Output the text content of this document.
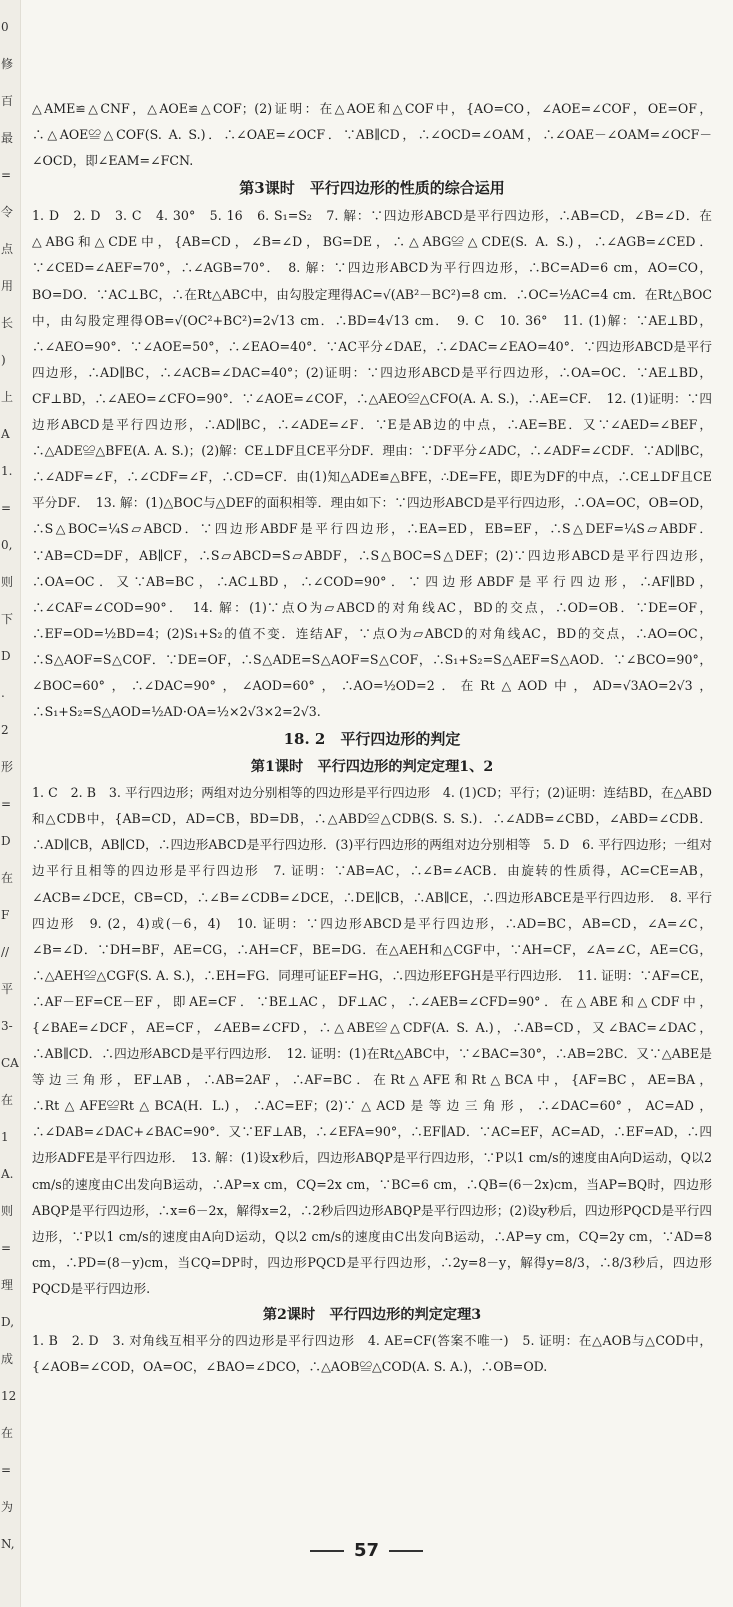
0
修
百
最
=
令
点
用
长
)
上
A
1.
=
0,
则
下
D
.
2
形
=
D
在
F
//
平
3-
CA
在
1
A.
则
=
理
D,
成
12
在
=
为
N,

△AME≌△CNF，△AOE≌△COF；(2)证明：在△AOE和△COF中，{AO=CO，∠AOE=∠COF，OE=OF，∴△AOE≌△COF(S. A. S.)．∴∠OAE=∠OCF．∵AB∥CD，∴∠OCD=∠OAM，∴∠OAE－∠OAM=∠OCF－∠OCD，即∠EAM=∠FCN.

第3课时　平行四边形的性质的综合运用

1. D　2. D　3. C　4. 30°　5. 16　6. S₁=S₂　7. 解：∵四边形ABCD是平行四边形，∴AB=CD，∠B=∠D．在△ABG和△CDE中，{AB=CD，∠B=∠D，BG=DE，∴△ABG≌△CDE(S. A. S.)，∴∠AGB=∠CED．∵∠CED=∠AEF=70°，∴∠AGB=70°．　8. 解：∵四边形ABCD为平行四边形，∴BC=AD=6 cm，AO=CO，BO=DO．∵AC⊥BC，∴在Rt△ABC中，由勾股定理得AC=√(AB²－BC²)=8 cm．∴OC=½AC=4 cm．在Rt△BOC中，由勾股定理得OB=√(OC²+BC²)=2√13 cm．∴BD=4√13 cm．　9. C　10. 36°　11. (1)解：∵AE⊥BD，∴∠AEO=90°．∵∠AOE=50°，∴∠EAO=40°．∵AC平分∠DAE，∴∠DAC=∠EAO=40°．∵四边形ABCD是平行四边形，∴AD∥BC，∴∠ACB=∠DAC=40°；(2)证明：∵四边形ABCD是平行四边形，∴OA=OC．∵AE⊥BD，CF⊥BD，∴∠AEO=∠CFO=90°．∵∠AOE=∠COF，∴△AEO≌△CFO(A. A. S.)，∴AE=CF．　12. (1)证明：∵四边形ABCD是平行四边形，∴AD∥BC，∴∠ADE=∠F．∵E是AB边的中点，∴AE=BE．又∵∠AED=∠BEF，∴△ADE≌△BFE(A. A. S.)；(2)解：CE⊥DF且CE平分DF．理由：∵DF平分∠ADC，∴∠ADF=∠CDF．∵AD∥BC，∴∠ADF=∠F，∴∠CDF=∠F，∴CD=CF．由(1)知△ADE≌△BFE，∴DE=FE，即E为DF的中点，∴CE⊥DF且CE平分DF．　13. 解：(1)△BOC与△DEF的面积相等．理由如下：∵四边形ABCD是平行四边形，∴OA=OC，OB=OD，∴S△BOC=¼S▱ABCD．∵四边形ABDF是平行四边形，∴EA=ED，EB=EF，∴S△DEF=¼S▱ABDF．∵AB=CD=DF，AB∥CF，∴S▱ABCD=S▱ABDF，∴S△BOC=S△DEF；(2)∵四边形ABCD是平行四边形，∴OA=OC．又∵AB=BC，∴AC⊥BD，∴∠COD=90°．∵四边形ABDF是平行四边形，∴AF∥BD，∴∠CAF=∠COD=90°．　14. 解：(1)∵点O为▱ABCD的对角线AC，BD的交点，∴OD=OB．∵DE=OF，∴EF=OD=½BD=4；(2)S₁+S₂的值不变．连结AF，∵点O为▱ABCD的对角线AC，BD的交点，∴AO=OC，∴S△AOF=S△COF．∵DE=OF，∴S△ADE=S△AOF=S△COF，∴S₁+S₂=S△AEF=S△AOD．∵∠BCO=90°，∠BOC=60°，∴∠DAC=90°，∠AOD=60°，∴AO=½OD=2．在Rt△AOD中，AD=√3AO=2√3，∴S₁+S₂=S△AOD=½AD·OA=½×2√3×2=2√3.

18. 2　平行四边形的判定
第1课时　平行四边形的判定定理1、2

1. C　2. B　3. 平行四边形；两组对边分别相等的四边形是平行四边形　4. (1)CD；平行；(2)证明：连结BD，在△ABD和△CDB中，{AB=CD，AD=CB，BD=DB，∴△ABD≌△CDB(S. S. S.)．∴∠ADB=∠CBD，∠ABD=∠CDB．∴AD∥CB，AB∥CD，∴四边形ABCD是平行四边形．(3)平行四边形的两组对边分别相等　5. D　6. 平行四边形；一组对边平行且相等的四边形是平行四边形　7. 证明：∵AB=AC，∴∠B=∠ACB．由旋转的性质得，AC=CE=AB，∠ACB=∠DCE，CB=CD，∴∠B=∠CDB=∠DCE，∴DE∥CB，∴AB∥CE，∴四边形ABCE是平行四边形．　8. 平行四边形　9. (2，4)或(－6，4)　10. 证明：∵四边形ABCD是平行四边形，∴AD=BC，AB=CD，∠A=∠C，∠B=∠D．∵DH=BF，AE=CG，∴AH=CF，BE=DG．在△AEH和△CGF中，∵AH=CF，∠A=∠C，AE=CG，∴△AEH≌△CGF(S. A. S.)，∴EH=FG．同理可证EF=HG，∴四边形EFGH是平行四边形．　11. 证明：∵AF=CE，∴AF－EF=CE－EF，即AE=CF．∵BE⊥AC，DF⊥AC，∴∠AEB=∠CFD=90°．在△ABE和△CDF中，{∠BAE=∠DCF，AE=CF，∠AEB=∠CFD，∴△ABE≌△CDF(A. S. A.)，∴AB=CD，又∠BAC=∠DAC，∴AB∥CD．∴四边形ABCD是平行四边形．　12. 证明：(1)在Rt△ABC中，∵∠BAC=30°，∴AB=2BC．又∵△ABE是等边三角形，EF⊥AB，∴AB=2AF，∴AF=BC．在Rt△AFE和Rt△BCA中，{AF=BC，AE=BA，∴Rt△AFE≌Rt△BCA(H. L.)，∴AC=EF；(2)∵△ACD是等边三角形，∴∠DAC=60°，AC=AD，∴∠DAB=∠DAC+∠BAC=90°．又∵EF⊥AB，∴∠EFA=90°，∴EF∥AD．∵AC=EF，AC=AD，∴EF=AD，∴四边形ADFE是平行四边形．　13. 解：(1)设x秒后，四边形ABQP是平行四边形，∵P以1 cm/s的速度由A向D运动，Q以2 cm/s的速度由C出发向B运动，∴AP=x cm，CQ=2x cm，∵BC=6 cm，∴QB=(6－2x)cm，当AP=BQ时，四边形ABQP是平行四边形，∴x=6－2x，解得x=2，∴2秒后四边形ABQP是平行四边形；(2)设y秒后，四边形PQCD是平行四边形，∵P以1 cm/s的速度由A向D运动，Q以2 cm/s的速度由C出发向B运动，∴AP=y cm，CQ=2y cm，∵AD=8 cm，∴PD=(8－y)cm，当CQ=DP时，四边形PQCD是平行四边形，∴2y=8－y，解得y=8/3，∴8/3秒后，四边形PQCD是平行四边形.

第2课时　平行四边形的判定定理3

1. B　2. D　3. 对角线互相平分的四边形是平行四边形　4. AE=CF(答案不唯一)　5. 证明：在△AOB与△COD中，{∠AOB=∠COD，OA=OC，∠BAO=∠DCO，∴△AOB≌△COD(A. S. A.)，∴OB=OD.

57
